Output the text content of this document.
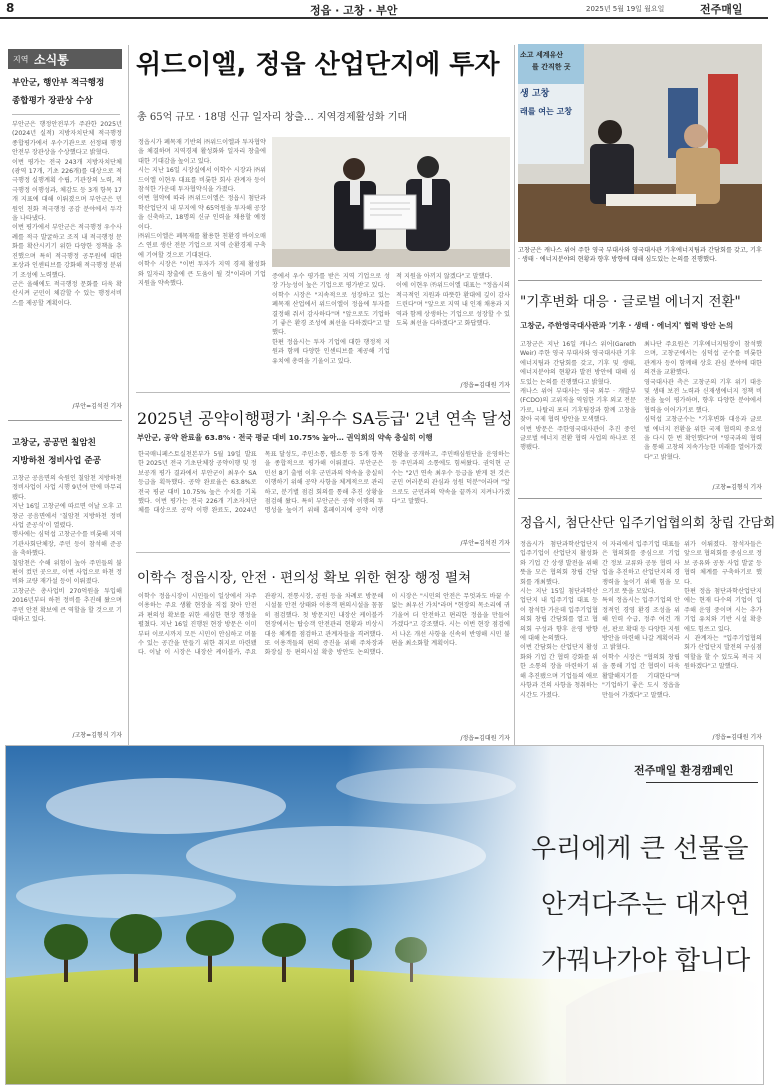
8	정읍 · 고창 · 부안	2025년 5월 19일 월요일	전주매일
지역 소식통
부안군, 행안부 적극행정
종합평가 장관상 수상
부안군은 행정안전부가 주관한 2025년(2024년 실적) 지방자치단체 적극행정 종합평가에서 우수기관으로 선정돼 행정안전부 장관상을 수상했다고 밝혔다.
이번 평가는 전국 243개 지방자치단체(광역 17개, 기초 226개)를 대상으로 적극행정 실행계획 수립, 기관장의 노력, 적극행정 이행성과, 체감도 등 3개 항목 17개 지표에 대해 이뤄졌으며 부안군은 민원인 친화 적극행정 공감 분야에서 두각을 나타냈다.
이번 평가에서 부안군은 적극행정 우수사례를 적극 발굴하고 조직 내 적극행정 문화를 확산시키기 위한 다양한 정책을 추진했으며 특히 적극행정 공무원에 대한 포상과 인센티브를 강화해 적극행정 분위기 조성에 노력했다.
군은 올해에도 적극행정 문화를 더욱 확산시켜 군민이 체감할 수 있는 행정서비스를 제공할 계획이다.
/부안=김석진 기자
고창군, 공공먼 칠암친
지방하천 정비사업 준공
고창군 공음면의 숙원인 칠암천 지방하천 정비사업이 사업 시행 9년여 만에 마무리됐다.
지난 16일 고창군에 따르면 이날 오후 고창군 공음면에서 '칠암천 지방하천 정비사업 준공식'이 열렸다.
행사에는 심덕섭 고창군수를 비롯해 지역 기관사회단체장, 주민 등이 참석해 준공을 축하했다.
칠암천은 수해 위험이 높아 주민들의 불편이 컸던 곳으로, 이번 사업으로 하천 정비와 교량 재가설 등이 이뤄졌다.
고창군은 총사업비 270억원을 투입해 2016년부터 하천 정비를 추진해 왔으며 주민 안전 확보에 큰 역할을 할 것으로 기대하고 있다.
/고창=김형식 기자
위드이엘, 정읍 산업단지에 투자
총 65억 규모 · 18명 신규 일자리 창출… 지역경제활성화 기대
정읍시가 폐목재 기반의 ㈜위드이엘과 투자협약을 체결하며 지역경제 활성화와 일자리 창출에 대한 기대감을 높이고 있다.
시는 지난 16일 시장실에서 이학수 시장과 ㈜위드이엘 이현우 대표를 비롯한 회사 관계자 등이 참석한 가운데 투자협약식을 가졌다.
이번 협약에 따라 ㈜위드이엘은 정읍시 첨단과학산업단지 내 부지에 약 65억원을 투자해 공장을 신축하고, 18명의 신규 인력을 채용할 예정이다.
㈜위드이엘은 폐목재를 활용한 친환경 바이오매스 연료 생산 전문 기업으로 지역 순환경제 구축에 기여할 것으로 기대된다.
이학수 시장은 "이번 투자가 지역 경제 활성화와 일자리 창출에 큰 도움이 될 것"이라며 기업 지원을 약속했다.
증에서 우수 평가를 받은 지역 기업으로 성장 가능성이 높은 기업으로 평가받고 있다.
이학수 시장은 "지속적으로 성장하고 있는 폐목재 산업에서 위드이엘이 정읍에 투자를 결정해 줘서 감사하다"며 "앞으로도 기업하기 좋은 환경 조성에 최선을 다하겠다"고 말했다.
한편 정읍시는 투자 기업에 대한 행정적 지원과 함께 다양한 인센티브를 제공해 기업 유치에 총력을 기울이고 있다.
적 지원을 아끼지 않겠다"고 말했다.
이에 이현우 ㈜위드이엘 대표는 "정읍시의 적극적인 지원과 따뜻한 환대에 깊이 감사드린다"며 "앞으로 지역 내 인재 채용과 지역과 함께 상생하는 기업으로 성장할 수 있도록 최선을 다하겠다"고 화답했다.
/정읍=김대원 기자
2025년 공약이행평가 '최우수 SA등급' 2년 연속 달성
부안군, 공약 완료율 63.8% · 전국 평균 대비 10.75% 높아… 권익희의 약속 충실히 이행
한국매니페스토실천본부가 5월 19일 발표한 2025년 전국 기초단체장 공약이행 및 정보공개 평가 결과에서 부안군이 최우수 SA등급을 획득했다. 공약 완료율은 63.8%로 전국 평균 대비 10.75% 높은 수치를 기록했다. 이번 평가는 전국 226개 기초자치단체를 대상으로 공약 이행 완료도, 2024년 목표 달성도, 주민소통, 웹소통 등 5개 항목을 종합적으로 평가해 이뤄졌다. 부안군은 민선 8기 출범 이후 군민과의 약속을 충실히 이행하기 위해 공약 사항을 체계적으로 관리하고, 분기별 점검 회의를 통해 추진 상황을 점검해 왔다. 특히 부안군은 공약 이행의 투명성을 높이기 위해 홈페이지에 공약 이행 현황을 공개하고, 주민배심원단을 운영하는 등 주민과의 소통에도 힘써왔다. 권익현 군수는 "2년 연속 최우수 등급을 받게 된 것은 군민 여러분의 관심과 성원 덕분"이라며 "앞으로도 군민과의 약속을 끝까지 지켜나가겠다"고 말했다.
/부안=김석진 기자
이학수 정읍시장, 안전 · 편의성 확보 위한 현장 행정 펼쳐
이학수 정읍시장이 시민들이 일상에서 자주 이용하는 주요 생활 현장을 직접 찾아 안전과 편의성 확보를 위한 세심한 현장 행정을 펼쳤다. 지난 16일 진행된 현장 방문은 이미 부터 이로시까지 모든 시민이 안심하고 머물 수 있는 공간을 만들기 위한 취지로 마련됐다. 이날 이 시장은 내장산 케이블카, 주요 관광지, 전통시장, 공원 등을 차례로 방문해 시설물 안전 상태와 이용객 편의시설을 꼼꼼히 점검했다. 첫 방문지인 내장산 케이블카 현장에서는 탑승객 안전관리 현황과 비상시 대응 체계를 점검하고 관계자들을 격려했다. 또 이용객들의 편의 증진을 위해 주차장과 화장실 등 편의시설 확충 방안도 논의했다. 이 시장은 "시민의 안전은 무엇과도 바꿀 수 없는 최우선 가치"라며 "현장의 목소리에 귀 기울여 더 안전하고 편리한 정읍을 만들어 가겠다"고 강조했다. 시는 이번 현장 점검에서 나온 개선 사항을 신속히 반영해 시민 불편을 최소화할 계획이다.
/정읍=김대원 기자
소고 세계유산
를 간직한 곳
생 고창
래를 여는 고창
고창군은 캐나스 위어 주한 영국 부대사와 영국대사관 기후에너지팀과 간담회를 갖고, 기후 · 생태 · 에너지분야의 현황과 향후 방향에 대해 심도있는 논의를 진행했다.
"기후변화 대응 · 글로벌 에너지 전환"
고창군, 주한영국대사관과 '기후 · 생태 · 에너지' 협력 방안 논의
고창군은 지난 16일 캐나스 위어(Gareth Weir) 주한 영국 부대사와 영국대사관 기후에너지팀과 간담회를 갖고, 기후 및 생태, 에너지분야의 현황과 발전 방안에 대해 심도있는 논의를 진행했다고 밝혔다.
캐나스 위어 부대사는 영국 외무 · 개발부(FCDO)의 고위직을 역임한 기후 외교 전문가로, 나탈리 포터 기후팀장과 함께 고창을 찾아 국제 협력 방안을 모색했다.
이번 방문은 주한영국대사관이 추진 중인 글로벌 에너지 전환 협력 사업의 하나로 진행됐다.
최나단 주요원은 기후에너지팀장이 참석했으며, 고창군에서는 심덕섭 군수를 비롯한 관계자 등이 함께해 상호 관심 분야에 대한 의견을 교환했다.
영국대사관 측은 고창군의 기후 위기 대응 및 생태 보전 노력과 신재생에너지 정책 비전을 높이 평가하며, 향후 다양한 분야에서 협력을 이어가기로 했다.
심덕섭 고창군수는 "기후변화 대응과 글로벌 에너지 전환을 위한 국제 협력의 중요성을 다시 한 번 확인했다"며 "영국과의 협력을 통해 고창의 지속가능한 미래를 열어가겠다"고 밝혔다.
/고창=김형식 기자
정읍시, 첨단산단 입주기업협의회 창립 간담회
정읍시가 첨단과학산업단지 입주기업이 산업단지 활성화와 기업 간 상생 발전을 위해 뜻을 모은 협의회 창립 간담회를 개최했다.
시는 지난 15일 첨단과학산업단지 내 입주기업 대표 등이 참석한 가운데 입주기업협의회 창립 간담회를 열고 협의회 구성과 향후 운영 방향에 대해 논의했다.
이번 간담회는 산업단지 활성화와 기업 간 협력 강화를 위한 소통의 장을 마련하기 위해 추진됐으며 기업들의 애로사항과 건의 사항을 청취하는 시간도 가졌다.
이 자리에서 입주기업 대표들은 협의회를 중심으로 기업 간 정보 교류와 공동 협력 사업을 추진하고 산업단지의 경쟁력을 높이기 위해 힘을 모으기로 뜻을 모았다.
특히 정읍시는 입주기업의 안정적인 경영 환경 조성을 위해 인력 수급, 정주 여건 개선, 판로 확대 등 다양한 지원 방안을 마련해 나갈 계획이라고 밝혔다.
이학수 시장은 "협의회 창립을 통해 기업 간 협력이 더욱 활발해지기를 기대한다"며 "기업하기 좋은 도시 정읍을 만들어 가겠다"고 말했다.
위가 이뤄졌다. 참석자들은 앞으로 협의회를 중심으로 정보 공유와 공동 사업 발굴 등 협력 체계를 구축하기로 했다.
한편 정읍 첨단과학산업단지에는 현재 다수의 기업이 입주해 운영 중이며 시는 추가 기업 유치와 기반 시설 확충에도 힘쓰고 있다.
시 관계자는 "입주기업협의회가 산업단지 발전의 구심점 역할을 할 수 있도록 적극 지원하겠다"고 말했다.
/정읍=김대원 기자
전주매일 환경캠페인
우리에게 큰 선물을
안겨다주는 대자연
가꿔나가야 합니다
